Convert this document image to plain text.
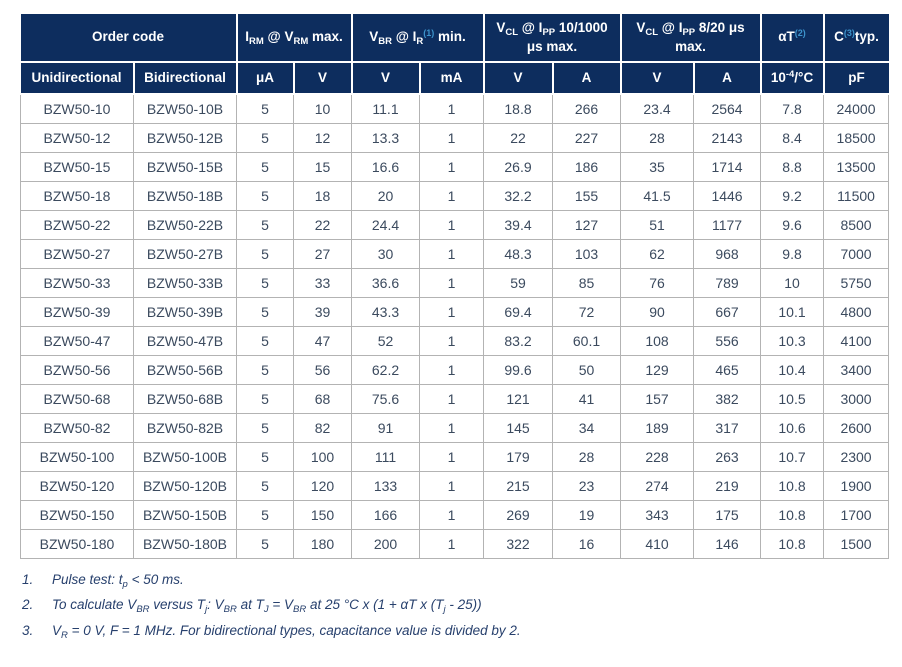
Order code		$I_{RM}$ @ $V_{RM}$ max.		$V_{BR}$ @ $I_R^{(1)}$ min.		$V_{CL}$ @ $I_{PP}$ 10/1000 μs max.		$V_{CL}$ @ $I_{PP}$ 8/20 μs max.		αT$^{(2)}$	C$^{(3)}$typ.
Unidirectional	Bidirectional	μA	V	V	mA	V	A	V	A	$10^{-4}/^\circ C$	pF
BZW50-10	BZW50-10B	5	10	11.1	1	18.8	266	23.4	2564	7.8	24000
BZW50-12	BZW50-12B	5	12	13.3	1	22	227	28	2143	8.4	18500
BZW50-15	BZW50-15B	5	15	16.6	1	26.9	186	35	1714	8.8	13500
BZW50-18	BZW50-18B	5	18	20	1	32.2	155	41.5	1446	9.2	11500
BZW50-22	BZW50-22B	5	22	24.4	1	39.4	127	51	1177	9.6	8500
BZW50-27	BZW50-27B	5	27	30	1	48.3	103	62	968	9.8	7000
BZW50-33	BZW50-33B	5	33	36.6	1	59	85	76	789	10	5750
BZW50-39	BZW50-39B	5	39	43.3	1	69.4	72	90	667	10.1	4800
BZW50-47	BZW50-47B	5	47	52	1	83.2	60.1	108	556	10.3	4100
BZW50-56	BZW50-56B	5	56	62.2	1	99.6	50	129	465	10.4	3400
BZW50-68	BZW50-68B	5	68	75.6	1	121	41	157	382	10.5	3000
BZW50-82	BZW50-82B	5	82	91	1	145	34	189	317	10.6	2600
BZW50-100	BZW50-100B	5	100	111	1	179	28	228	263	10.7	2300
BZW50-120	BZW50-120B	5	120	133	1	215	23	274	219	10.8	1900
BZW50-150	BZW50-150B	5	150	166	1	269	19	343	175	10.8	1700
BZW50-180	BZW50-180B	5	180	200	1	322	16	410	146	10.8	1500
1.	Pulse test: $t_p < 50$ ms.
2.	To calculate $V_{BR}$ versus $T_j$: $V_{BR}$ at $T_J = V_{BR}$ at 25 °C x (1 + αT x $(T_j - 25)$)
3.	$V_R = 0$ V, F = 1 MHz. For bidirectional types, capacitance value is divided by 2.
